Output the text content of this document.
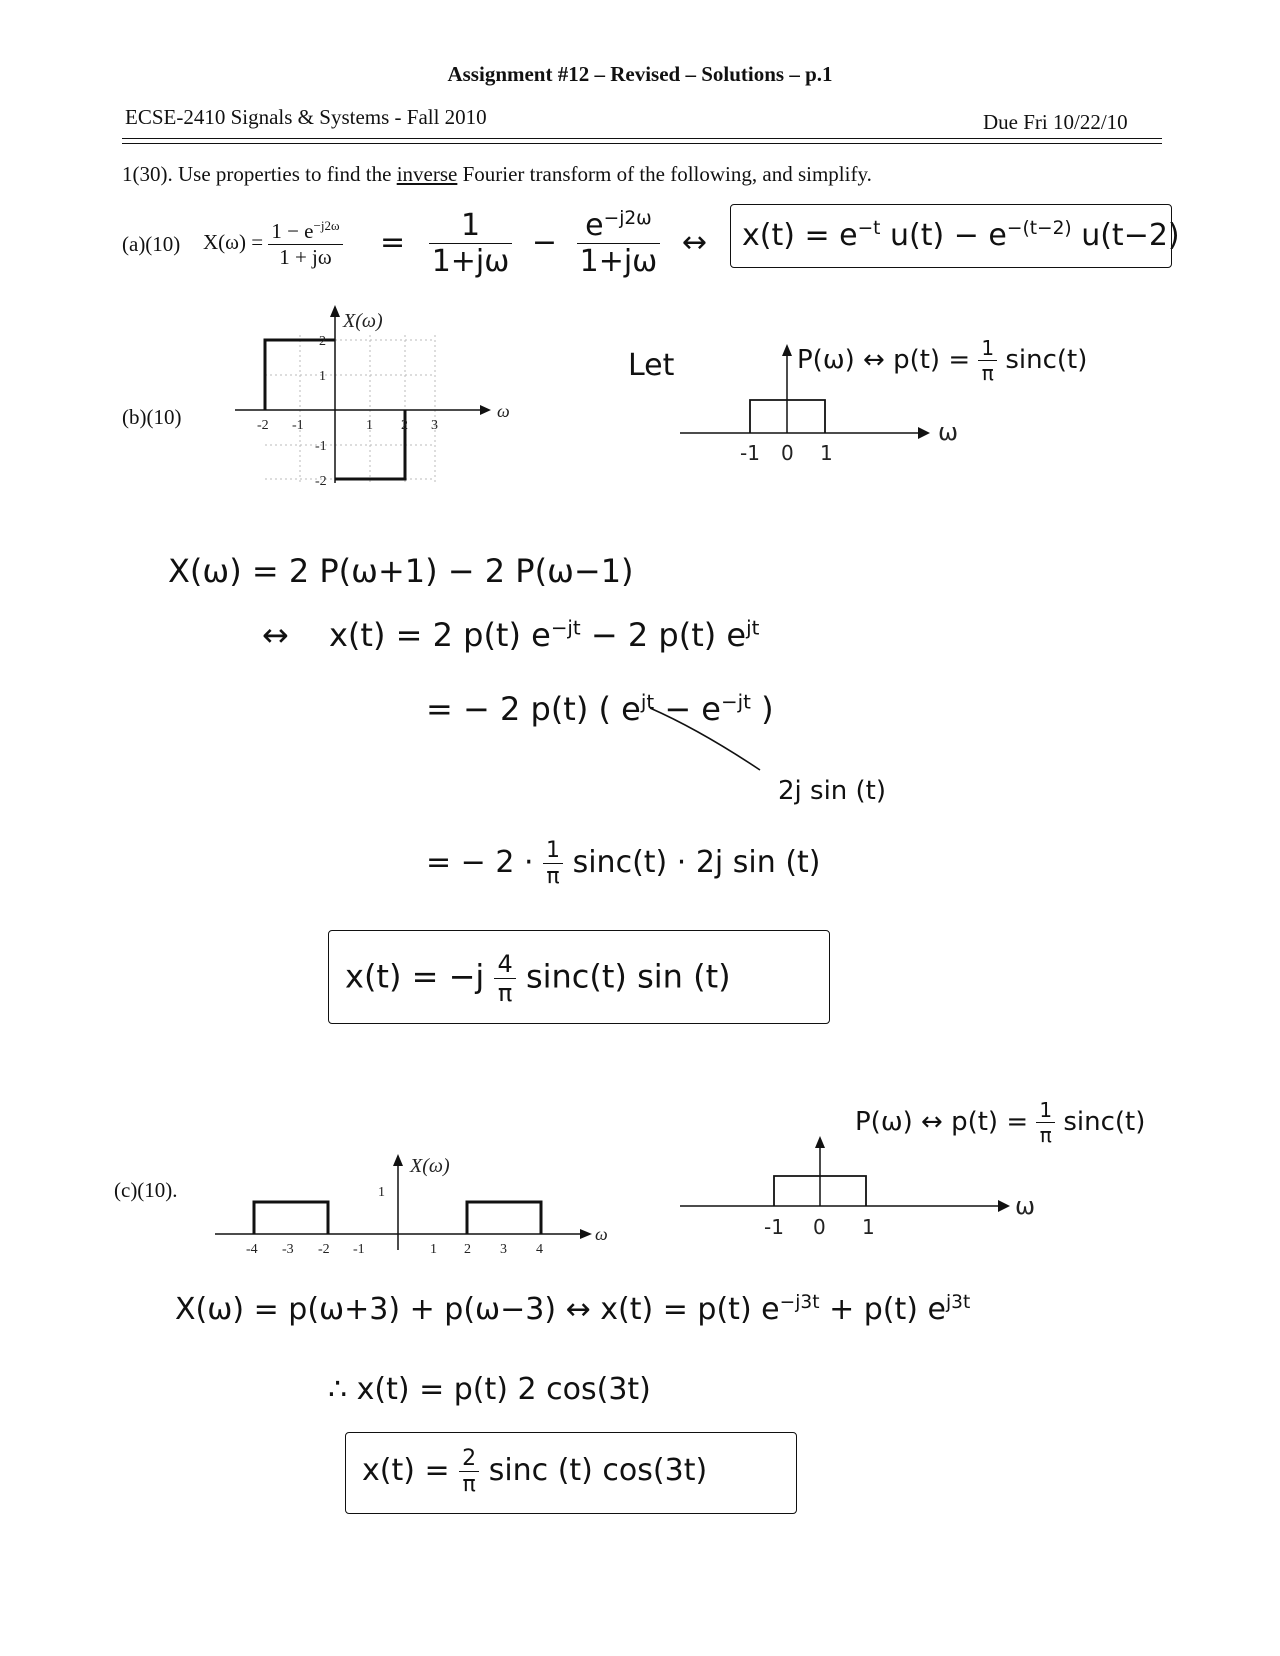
Assignment #12 – Revised – Solutions – p.1
ECSE-2410 Signals & Systems - Fall 2010	Due Fri 10/22/10
1(30). Use properties to find the inverse Fourier transform of the following, and simplify.
(a)(10) $X(\omega) = \frac{1 - e^{-j2\omega}}{1 + j\omega} = \frac{1}{1+j\omega} - \frac{e^{-j2\omega}}{1+j\omega}$ ↔ $x(t) = e^{-t}$ $u(t) - e^{-(t-2)}$ u(t−2)
(b)(10)
X(ω)
ω
-2 -1	1 2 3
2
1
-1
-2
Let
ω
-1 0 1
P(ω) ↔ $p(t) = \frac{1}{\pi} \sin c(t)$
X(ω) = 2 P(ω+1) − 2 P(ω−1)
↔ x(t) = 2 p(t) $e^{-jt} - 2$ p(t) $e^{jt}$
= − 2 p(t) ( $e^{jt} - e^{-jt}$ )
2j sin (t)
= − $2 \cdot \frac{1}{\pi} \sin c(t) \cdot 2j$ sin (t)
$x(t) = -j \frac{4}{\pi} \sin c(t)$ sin (t)
(c)(10).
X(ω)
ω
1
-4 -3 -2 -1	1 2 3 4
ω
-1 0 1
P(ω) ↔ $p(t) = \frac{1}{\pi} \sin c(t)$
X(ω) = p(ω+3) + p(ω−3) ↔ x(t) = p(t) $e^{-j3t} + p(t)$ $e^{j3t}$
∴ x(t) = p(t) 2 cos(3t)
$x(t) = \frac{2}{\pi}$ sinc (t) cos(3t)
